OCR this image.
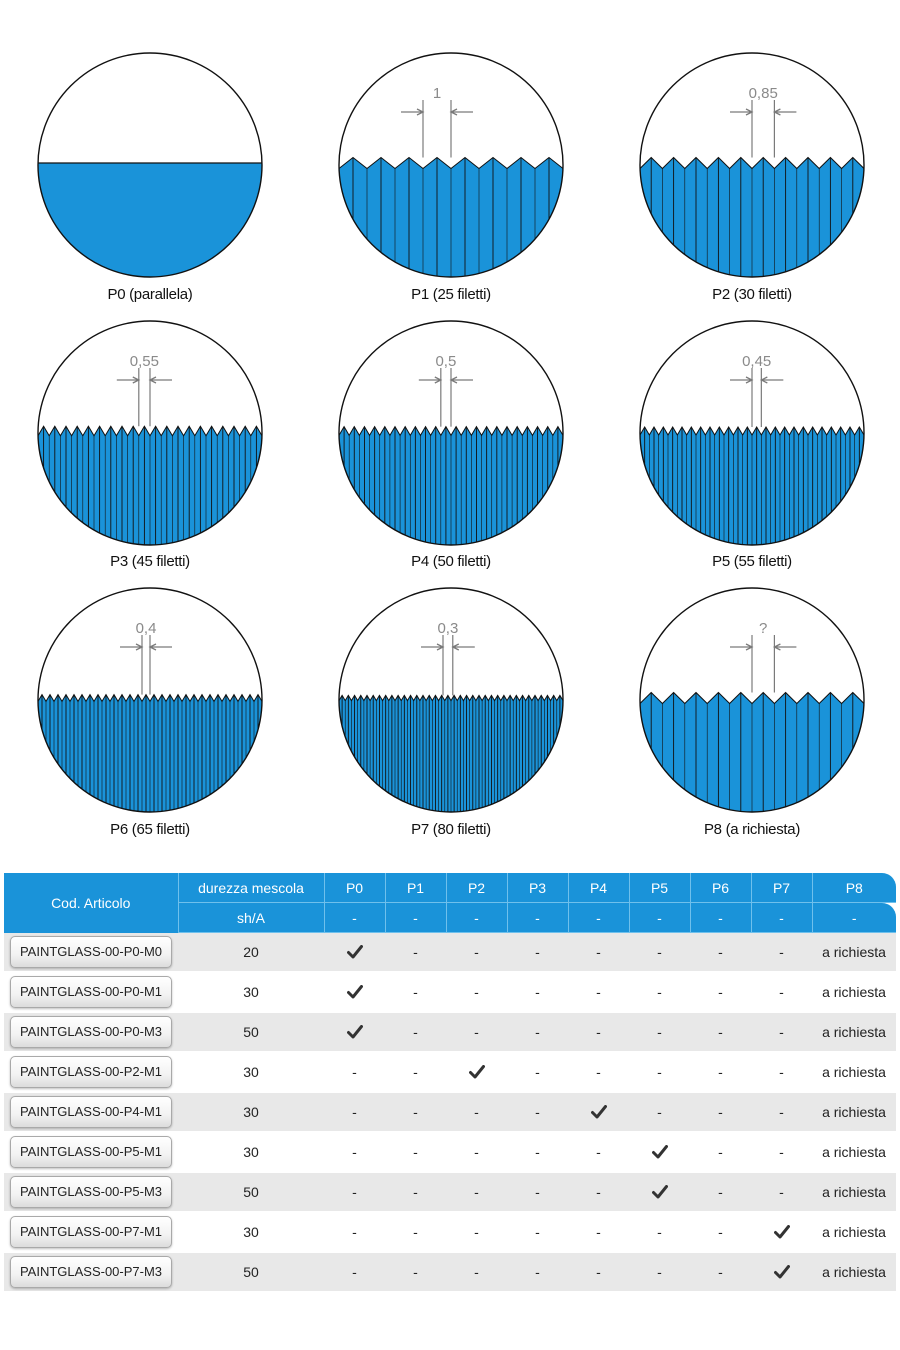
P0 (parallela)
1
P1 (25 filetti)
0,85
P2 (30 filetti)
0,55
P3 (45 filetti)
0,5
P4 (50 filetti)
0,45
P5 (55 filetti)
0,4
P6 (65 filetti)
0,3
P7 (80 filetti)
?
P8 (a richiesta)
Cod. Articolo	durezza mescola	P0	P1	P2	P3	P4	P5	P6	P7	P8
	sh/A	-	-	-	-	-	-	-	-	-

PAINTGLASS-00-P0-M0	20		-	-	-	-	-	-	-	a richiesta

PAINTGLASS-00-P0-M1	30		-	-	-	-	-	-	-	a richiesta

PAINTGLASS-00-P0-M3	50		-	-	-	-	-	-	-	a richiesta

PAINTGLASS-00-P2-M1	30	-	-		-	-	-	-	-	a richiesta

PAINTGLASS-00-P4-M1	30	-	-	-	-		-	-	-	a richiesta

PAINTGLASS-00-P5-M1	30	-	-	-	-	-		-	-	a richiesta

PAINTGLASS-00-P5-M3	50	-	-	-	-	-		-	-	a richiesta

PAINTGLASS-00-P7-M1	30	-	-	-	-	-	-	-		a richiesta

PAINTGLASS-00-P7-M3	50	-	-	-	-	-	-	-		a richiesta
